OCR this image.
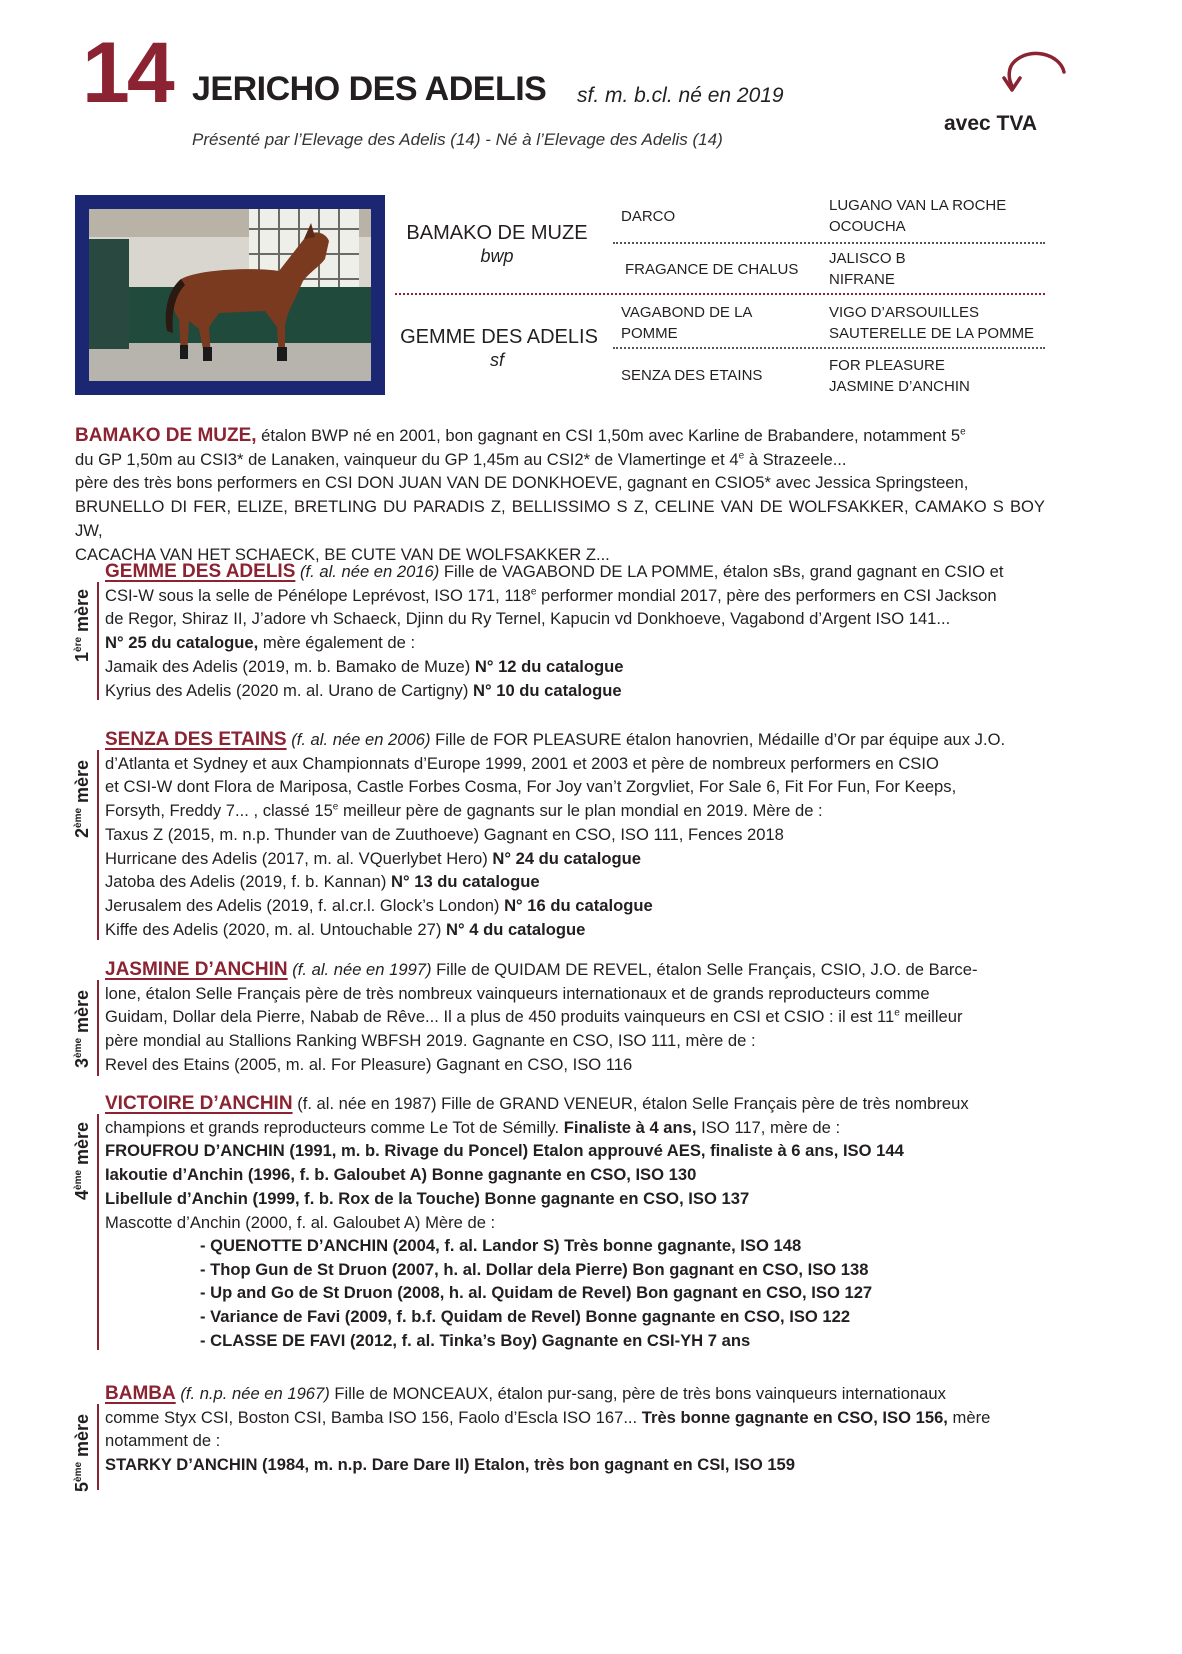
14 JERICHO DES ADELIS sf. m. b.cl. né en 2019
Présenté par l’Elevage des Adelis (14) - Né à l’Elevage des Adelis (14)
avec TVA
BAMAKO DE MUZE
bwp
GEMME DES ADELIS
sf
DARCO
FRAGANCE DE CHALUS
VAGABOND DE LA POMME
SENZA DES ETAINS
LUGANO VAN LA ROCHE
OCOUCHA
JALISCO B
NIFRANE
VIGO D’ARSOUILLES
SAUTERELLE DE LA POMME
FOR PLEASURE
JASMINE D’ANCHIN
BAMAKO DE MUZE, étalon BWP né en 2001, bon gagnant en CSI 1,50m avec Karline de Brabandere, notamment 5e
du GP 1,50m au CSI3* de Lanaken, vainqueur du GP 1,45m au CSI2* de Vlamertinge et 4e à Strazeele...
père des très bons performers en CSI DON JUAN VAN DE DONKHOEVE, gagnant en CSIO5* avec Jessica Springsteen,
BRUNELLO DI FER, ELIZE, BRETLING DU PARADIS Z, BELLISSIMO S Z, CELINE VAN DE WOLFSAKKER, CAMAKO S BOY JW,
CACACHA VAN HET SCHAECK, BE CUTE VAN DE WOLFSAKKER Z...
1ère mère
GEMME DES ADELIS (f. al. née en 2016) Fille de VAGABOND DE LA POMME, étalon sBs, grand gagnant en CSIO et
CSI-W sous la selle de Pénélope Leprévost, ISO 171, 118e performer mondial 2017, père des performers en CSI Jackson
de Regor, Shiraz II, J’adore vh Schaeck, Djinn du Ry Ternel, Kapucin vd Donkhoeve, Vagabond d’Argent ISO 141...
N° 25 du catalogue, mère également de :
Jamaik des Adelis (2019, m. b. Bamako de Muze) N° 12 du catalogue
Kyrius des Adelis (2020 m. al. Urano de Cartigny) N° 10 du catalogue
2ème mère
SENZA DES ETAINS (f. al. née en 2006) Fille de FOR PLEASURE étalon hanovrien, Médaille d’Or par équipe aux J.O.
d’Atlanta et Sydney et aux Championnats d’Europe 1999, 2001 et 2003 et père de nombreux performers en CSIO
et CSI-W dont Flora de Mariposa, Castle Forbes Cosma, For Joy van’t Zorgvliet, For Sale 6, Fit For Fun, For Keeps,
Forsyth, Freddy 7... , classé 15e meilleur père de gagnants sur le plan mondial en 2019. Mère de :
Taxus Z (2015, m. n.p. Thunder van de Zuuthoeve) Gagnant en CSO, ISO 111, Fences 2018
Hurricane des Adelis (2017, m. al. VQuerlybet Hero) N° 24 du catalogue
Jatoba des Adelis (2019, f. b. Kannan) N° 13 du catalogue
Jerusalem des Adelis (2019, f. al.cr.l. Glock’s London) N° 16 du catalogue
Kiffe des Adelis (2020, m. al. Untouchable 27) N° 4 du catalogue
3ème mère
JASMINE D’ANCHIN (f. al. née en 1997) Fille de QUIDAM DE REVEL, étalon Selle Français, CSIO, J.O. de Barce-
lone, étalon Selle Français père de très nombreux vainqueurs internationaux et de grands reproducteurs comme
Guidam, Dollar dela Pierre, Nabab de Rêve... Il a plus de 450 produits vainqueurs en CSI et CSIO : il est 11e meilleur
père mondial au Stallions Ranking WBFSH 2019. Gagnante en CSO, ISO 111, mère de :
Revel des Etains (2005, m. al. For Pleasure) Gagnant en CSO, ISO 116
4ème mère
VICTOIRE D’ANCHIN (f. al. née en 1987) Fille de GRAND VENEUR, étalon Selle Français père de très nombreux
champions et grands reproducteurs comme Le Tot de Sémilly. Finaliste à 4 ans, ISO 117, mère de :
FROUFROU D’ANCHIN (1991, m. b. Rivage du Poncel) Etalon approuvé AES, finaliste à 6 ans, ISO 144
Iakoutie d’Anchin (1996, f. b. Galoubet A) Bonne gagnante en CSO, ISO 130
Libellule d’Anchin (1999, f. b. Rox de la Touche) Bonne gagnante en CSO, ISO 137
Mascotte d’Anchin (2000, f. al. Galoubet A) Mère de :
- QUENOTTE D’ANCHIN (2004, f. al. Landor S) Très bonne gagnante, ISO 148
- Thop Gun de St Druon (2007, h. al. Dollar dela Pierre) Bon gagnant en CSO, ISO 138
- Up and Go de St Druon (2008, h. al. Quidam de Revel) Bon gagnant en CSO, ISO 127
- Variance de Favi (2009, f. b.f. Quidam de Revel) Bonne gagnante en CSO, ISO 122
- CLASSE DE FAVI (2012, f. al. Tinka’s Boy) Gagnante en CSI-YH 7 ans
5ème mère
BAMBA (f. n.p. née en 1967) Fille de MONCEAUX, étalon pur-sang, père de très bons vainqueurs internationaux
comme Styx CSI, Boston CSI, Bamba ISO 156, Faolo d’Escla ISO 167... Très bonne gagnante en CSO, ISO 156, mère
notamment de :
STARKY D’ANCHIN (1984, m. n.p. Dare Dare II) Etalon, très bon gagnant en CSI, ISO 159
